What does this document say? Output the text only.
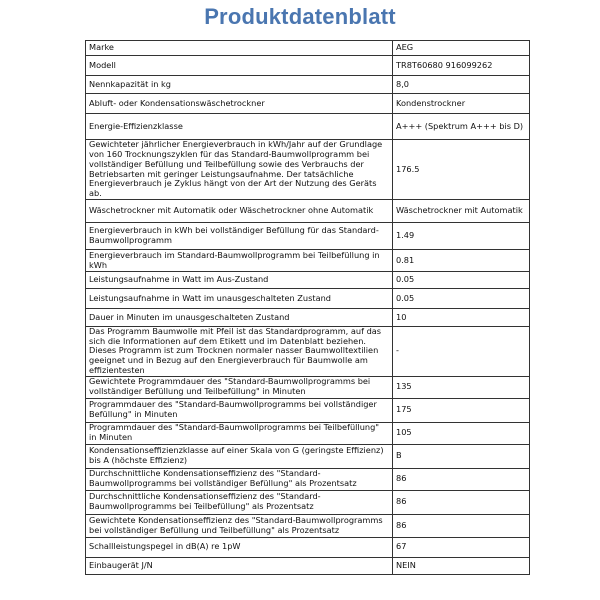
Produktdatenblatt
Marke	AEG
Modell	TR8T60680 916099262
Nennkapazität in kg	8,0
Abluft- oder Kondensationswäschetrockner	Kondenstrockner
Energie-Effizienzklasse	A+++ (Spektrum A+++ bis D)
Gewichteter jährlicher Energieverbrauch in kWh/Jahr auf der Grundlage von 160 Trocknungszyklen für das Standard-Baumwollprogramm bei vollständiger Befüllung und Teilbefüllung sowie des Verbrauchs der Betriebsarten mit geringer Leistungsaufnahme. Der tatsächliche Energieverbrauch je Zyklus hängt von der Art der Nutzung des Geräts ab.	176.5
Wäschetrockner mit Automatik oder Wäschetrockner ohne Automatik	Wäschetrockner mit Automatik
Energieverbrauch in kWh bei vollständiger Befüllung für das Standard-Baumwollprogramm	1.49
Energieverbrauch im Standard-Baumwollprogramm bei Teilbefüllung in kWh	0.81
Leistungsaufnahme in Watt im Aus-Zustand	0.05
Leistungsaufnahme in Watt im unausgeschalteten Zustand	0.05
Dauer in Minuten im unausgeschalteten Zustand	10
Das Programm Baumwolle mit Pfeil ist das Standardprogramm, auf das sich die Informationen auf dem Etikett und im Datenblatt beziehen. Dieses Programm ist zum Trocknen normaler nasser Baumwolltextilien geeignet und in Bezug auf den Energieverbrauch für Baumwolle am effizientesten	-
Gewichtete Programmdauer des "Standard-Baumwollprogramms bei vollständiger Befüllung und Teilbefüllung" in Minuten	135
Programmdauer des "Standard-Baumwollprogramms bei vollständiger Befüllung" in Minuten	175
Programmdauer des "Standard-Baumwollprogramms bei Teilbefüllung" in Minuten	105
Kondensationseffizienzklasse auf einer Skala von G (geringste Effizienz) bis A (höchste Effizienz)	B
Durchschnittliche Kondensationseffizienz des "Standard-Baumwollprogramms bei vollständiger Befüllung" als Prozentsatz	86
Durchschnittliche Kondensationseffizienz des "Standard-Baumwollprogramms bei Teilbefüllung" als Prozentsatz	86
Gewichtete Kondensationseffizienz des "Standard-Baumwollprogramms bei vollständiger Befüllung und Teilbefüllung" als Prozentsatz	86
Schallleistungspegel in dB(A) re 1pW	67
Einbaugerät J/N	NEIN
